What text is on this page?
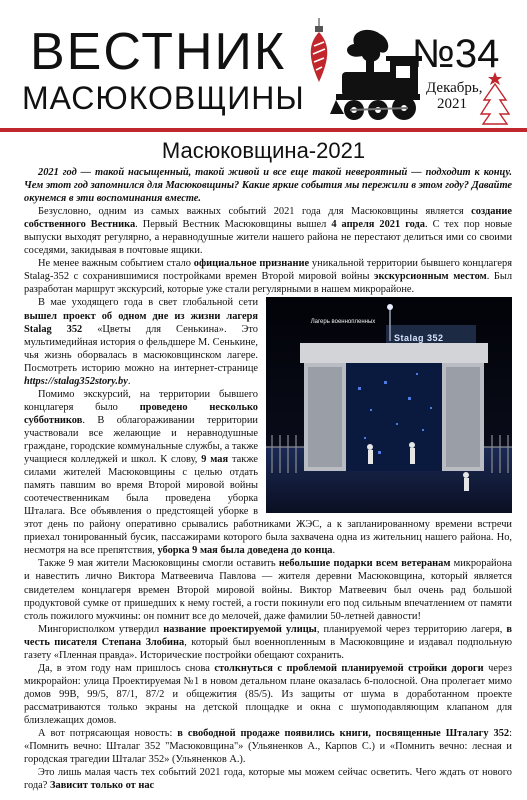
ВЕСТНИК
МАСЮКОВЩИНЫ
№34
Декабрь,
2021
Масюковщина-2021

2021 год — такой насыщенный, такой живой и все еще такой невероятный — подходит к концу. Чем этот год запомнился для Масюковщины? Какие яркие события мы пережили в этом году? Давайте окунемся в эти воспоминания вместе.

Безусловно, одним из самых важных событий 2021 года для Масюковщины является создание собственного Вестника. Первый Вестник Масюковщины вышел 4 апреля 2021 года. С тех пор новые выпуски выходят регулярно, а неравнодушные жители нашего района не перестают делиться ими со своими соседями, закидывая в почтовые ящики.

Не менее важным событием стало официальное признание уникальной территории бывшего концлагеря Stalag-352 с сохранившимися постройками времен Второй мировой войны экскурсионным местом. Был разработан маршрут экскурсий, которые уже стали регулярными в нашем микрорайоне.

Лагерь военнопленных
Stalag 352

В мае уходящего года в свет глобальной сети вышел проект об одном дне из жизни лагеря Stalag 352 «Цветы для Сенькина». Это мультимедийная история о фельдшере М. Сенькине, чья жизнь оборвалась в масюковщинском лагере. Посмотреть историю можно на интернет-странице https://stalag352story.by.

Помимо экскурсий, на территории бывшего концлагеря было проведено несколько субботников. В облагораживании территории участвовали все желающие и неравнодушные граждане, городские коммунальные службы, а также учащиеся колледжей и школ. К слову, 9 мая также силами жителей Масюковщины с целью отдать память павшим во время Второй мировой войны соотечественникам была проведена уборка Шталага. Все объявления о предстоящей уборке в этот день по району оперативно срывались работниками ЖЭС, а к запланированному времени встречи приехал тонированный бусик, пассажирами которого была захвачена одна из жительниц нашего района. Но, несмотря на все препятствия, уборка 9 мая была доведена до конца.

Также 9 мая жители Масюковщины смогли оставить небольшие подарки всем ветеранам микрорайона и навестить лично Виктора Матвеевича Павлова — жителя деревни Масюковщина, который является свидетелем концлагеря времен Второй мировой войны. Виктор Матвеевич был очень рад большой продуктовой сумке от пришедших к нему гостей, а гости покинули его под сильным впечатлением от памяти столь пожилого мужчины: он помнит все до мелочей, даже фамилии 50-летней давности!

Мингорисполком утвердил название проектируемой улицы, планируемой через территорию лагеря, в честь писателя Степана Злобина, который был военнопленным в Масюковщине и издавал подпольную газету «Пленная правда». Исторические постройки обещают сохранить.

Да, в этом году нам пришлось снова столкнуться с проблемой планируемой стройки дороги через микрорайон: улица Проектируемая №1 в новом детальном плане оказалась 6-полосной. Она пролегает мимо домов 99В, 99/5, 87/1, 87/2 и общежития (85/5). Из защиты от шума в доработанном проекте рассматриваются только экраны на детской площадке и окна с шумоподавляющим клапаном для близлежащих домов.

А вот потрясающая новость: в свободной продаже появились книги, посвященные Шталагу 352: «Помнить вечно: Шталаг 352 "Масюковщина"» (Ульяненков А., Карпов С.) и «Помнить вечно: лесная и городская трагедии Шталаг 352» (Ульяненков А.).

Это лишь малая часть тех событий 2021 года, которые мы можем сейчас осветить. Чего ждать от нового года? Зависит только от нас
